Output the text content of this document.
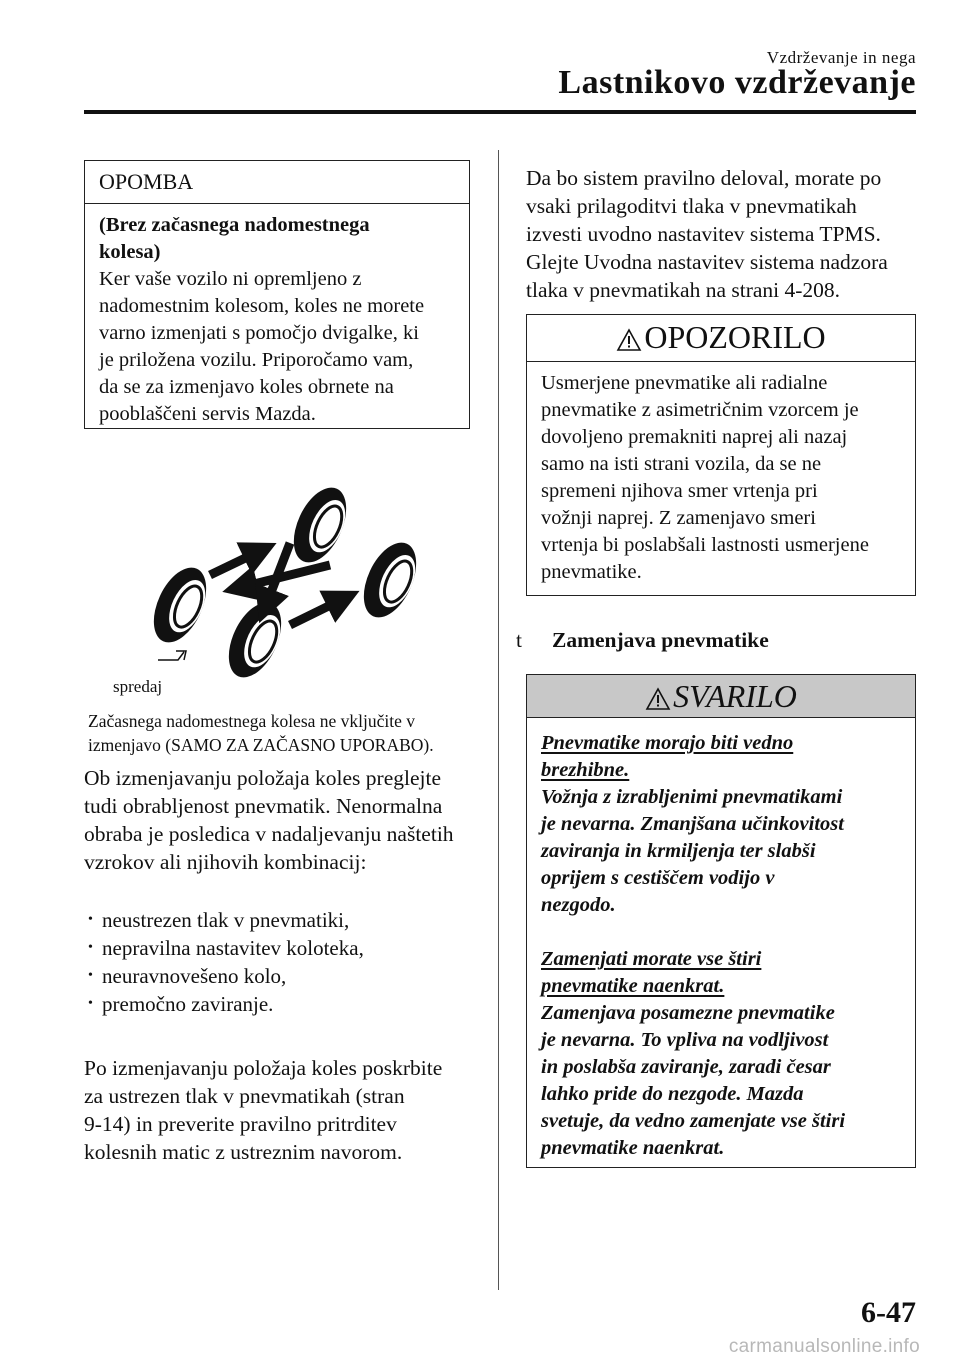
Vzdrževanje in nega
Lastnikovo vzdrževanje
OPOMBA
(Brez začasnega nadomestnega
kolesa)
Ker vaše vozilo ni opremljeno z
nadomestnim kolesom, koles ne morete
varno izmenjati s pomočjo dvigalke, ki
je priložena vozilu. Priporočamo vam,
da se za izmenjavo koles obrnete na
pooblaščeni servis Mazda.
spredaj
Začasnega nadomestnega kolesa ne vključite v
izmenjavo (SAMO ZA ZAČASNO UPORABO).
Ob izmenjavanju položaja koles preglejte
tudi obrabljenost pnevmatik. Nenormalna
obraba je posledica v nadaljevanju naštetih
vzrokov ali njihovih kombinacij:
• neustrezen tlak v pnevmatiki,
• nepravilna nastavitev koloteka,
• neuravnovešeno kolo,
• premočno zaviranje.
Po izmenjavanju položaja koles poskrbite
za ustrezen tlak v pnevmatikah (stran
9-14) in preverite pravilno pritrditev
kolesnih matic z ustreznim navorom.
Da bo sistem pravilno deloval, morate po
vsaki prilagoditvi tlaka v pnevmatikah
izvesti uvodno nastavitev sistema TPMS.
Glejte Uvodna nastavitev sistema nadzora
tlaka v pnevmatikah na strani 4-208.
OPOZORILO
Usmerjene pnevmatike ali radialne
pnevmatike z asimetričnim vzorcem je
dovoljeno premakniti naprej ali nazaj
samo na isti strani vozila, da se ne
spremeni njihova smer vrtenja pri
vožnji naprej. Z zamenjavo smeri
vrtenja bi poslabšali lastnosti usmerjene
pnevmatike.
t Zamenjava pnevmatike
SVARILO
Pnevmatike morajo biti vedno
brezhibne.
Vožnja z izrabljenimi pnevmatikami
je nevarna. Zmanjšana učinkovitost
zaviranja in krmiljenja ter slabši
oprijem s cestiščem vodijo v
nezgodo.
Zamenjati morate vse štiri
pnevmatike naenkrat.
Zamenjava posamezne pnevmatike
je nevarna. To vpliva na vodljivost
in poslabša zaviranje, zaradi česar
lahko pride do nezgode. Mazda
svetuje, da vedno zamenjate vse štiri
pnevmatike naenkrat.
6-47
carmanualsonline.info
